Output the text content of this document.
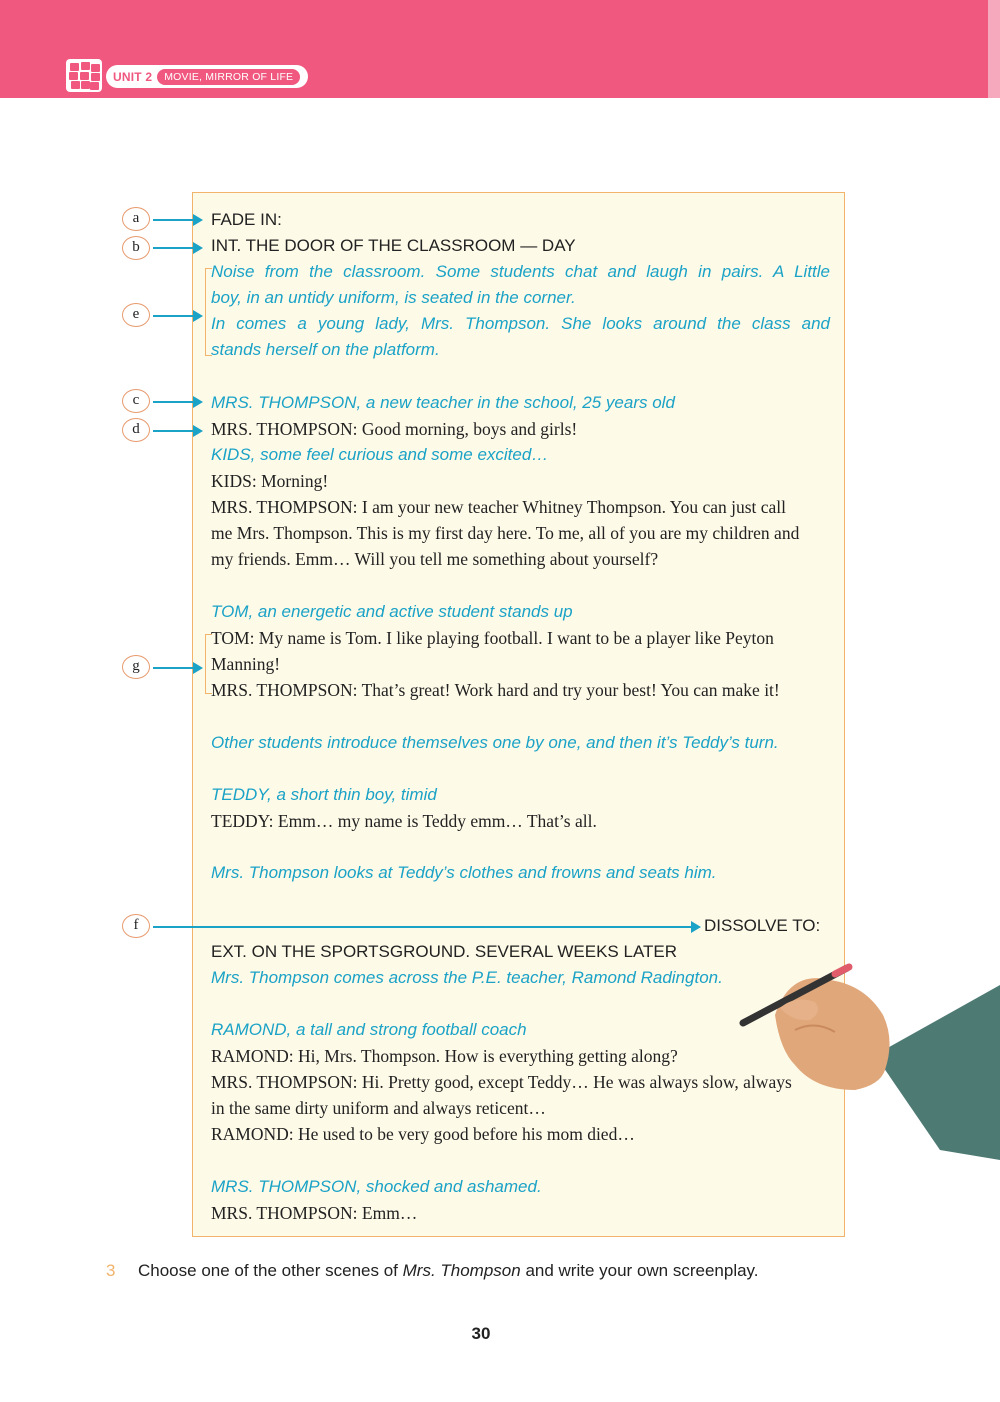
UNIT 2	MOVIE, MIRROR OF LIFE
FADE IN:
INT. THE DOOR OF THE CLASSROOM — DAY
Noise from the classroom. Some students chat and laugh in pairs. A Little
boy, in an untidy uniform, is seated in the corner.
In comes a young lady, Mrs. Thompson. She looks around the class and
stands herself on the platform.
MRS. THOMPSON, a new teacher in the school, 25 years old
MRS. THOMPSON: Good morning, boys and girls!
KIDS, some feel curious and some excited…
KIDS: Morning!
MRS. THOMPSON: I am your new teacher Whitney Thompson. You can just call
me Mrs. Thompson. This is my first day here. To me, all of you are my children and
my friends. Emm… Will you tell me something about yourself?
TOM, an energetic and active student stands up
TOM: My name is Tom. I like playing football. I want to be a player like Peyton
Manning!
MRS. THOMPSON: That’s great! Work hard and try your best! You can make it!
Other students introduce themselves one by one, and then it’s Teddy’s turn.
TEDDY, a short thin boy, timid
TEDDY: Emm… my name is Teddy emm… That’s all.
Mrs. Thompson looks at Teddy’s clothes and frowns and seats him.
DISSOLVE TO:
EXT. ON THE SPORTSGROUND. SEVERAL WEEKS LATER
Mrs. Thompson comes across the P.E. teacher, Ramond Radington.
RAMOND, a tall and strong football coach
RAMOND: Hi, Mrs. Thompson. How is everything getting along?
MRS. THOMPSON: Hi. Pretty good, except Teddy… He was always slow, always
in the same dirty uniform and always reticent…
RAMOND: He used to be very good before his mom died…
MRS. THOMPSON, shocked and ashamed.
MRS. THOMPSON: Emm…
a
b
e
c
d
g
f
3 Choose one of the other scenes of Mrs. Thompson and write your own screenplay.
30
